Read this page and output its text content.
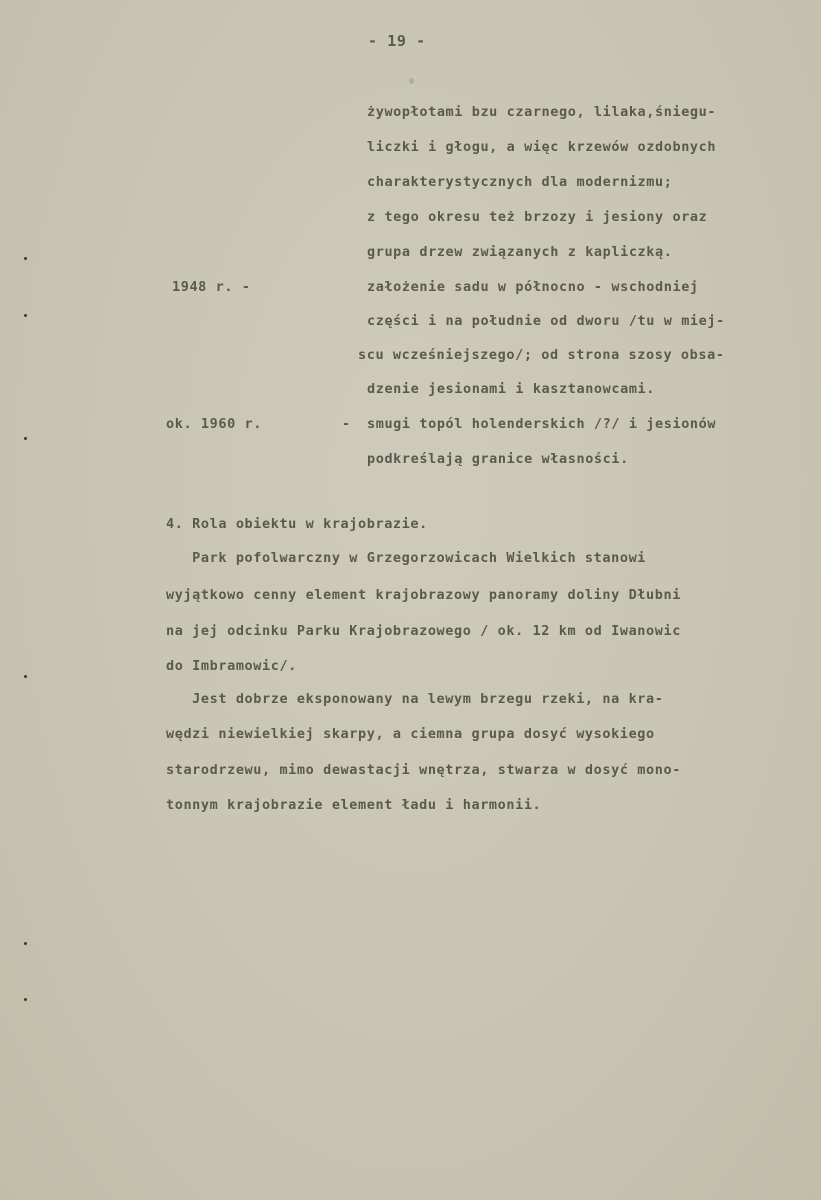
- 19 -
żywopłotami bzu czarnego, lilaka,śniegu-
liczki i głogu, a więc krzewów ozdobnych
charakterystycznych dla modernizmu;
z tego okresu też brzozy i jesiony oraz
grupa drzew związanych z kapliczką.
1948 r. -	założenie sadu w północno - wschodniej
części i na południe od dworu /tu w miej-
scu wcześniejszego/; od strona szosy obsa-
dzenie jesionami i kasztanowcami.
ok. 1960 r.	- smugi topól holenderskich /?/ i jesionów
podkreślają granice własności.
4. Rola obiektu w krajobrazie.
Park pofolwarczny w Grzegorzowicach Wielkich stanowi
wyjątkowo cenny element krajobrazowy panoramy doliny Dłubni
na jej odcinku Parku Krajobrazowego / ok. 12 km od Iwanowic
do Imbramowic/.
Jest dobrze eksponowany na lewym brzegu rzeki, na kra-
wędzi niewielkiej skarpy, a ciemna grupa dosyć wysokiego
starodrzewu, mimo dewastacji wnętrza, stwarza w dosyć mono-
tonnym krajobrazie element ładu i harmonii.
